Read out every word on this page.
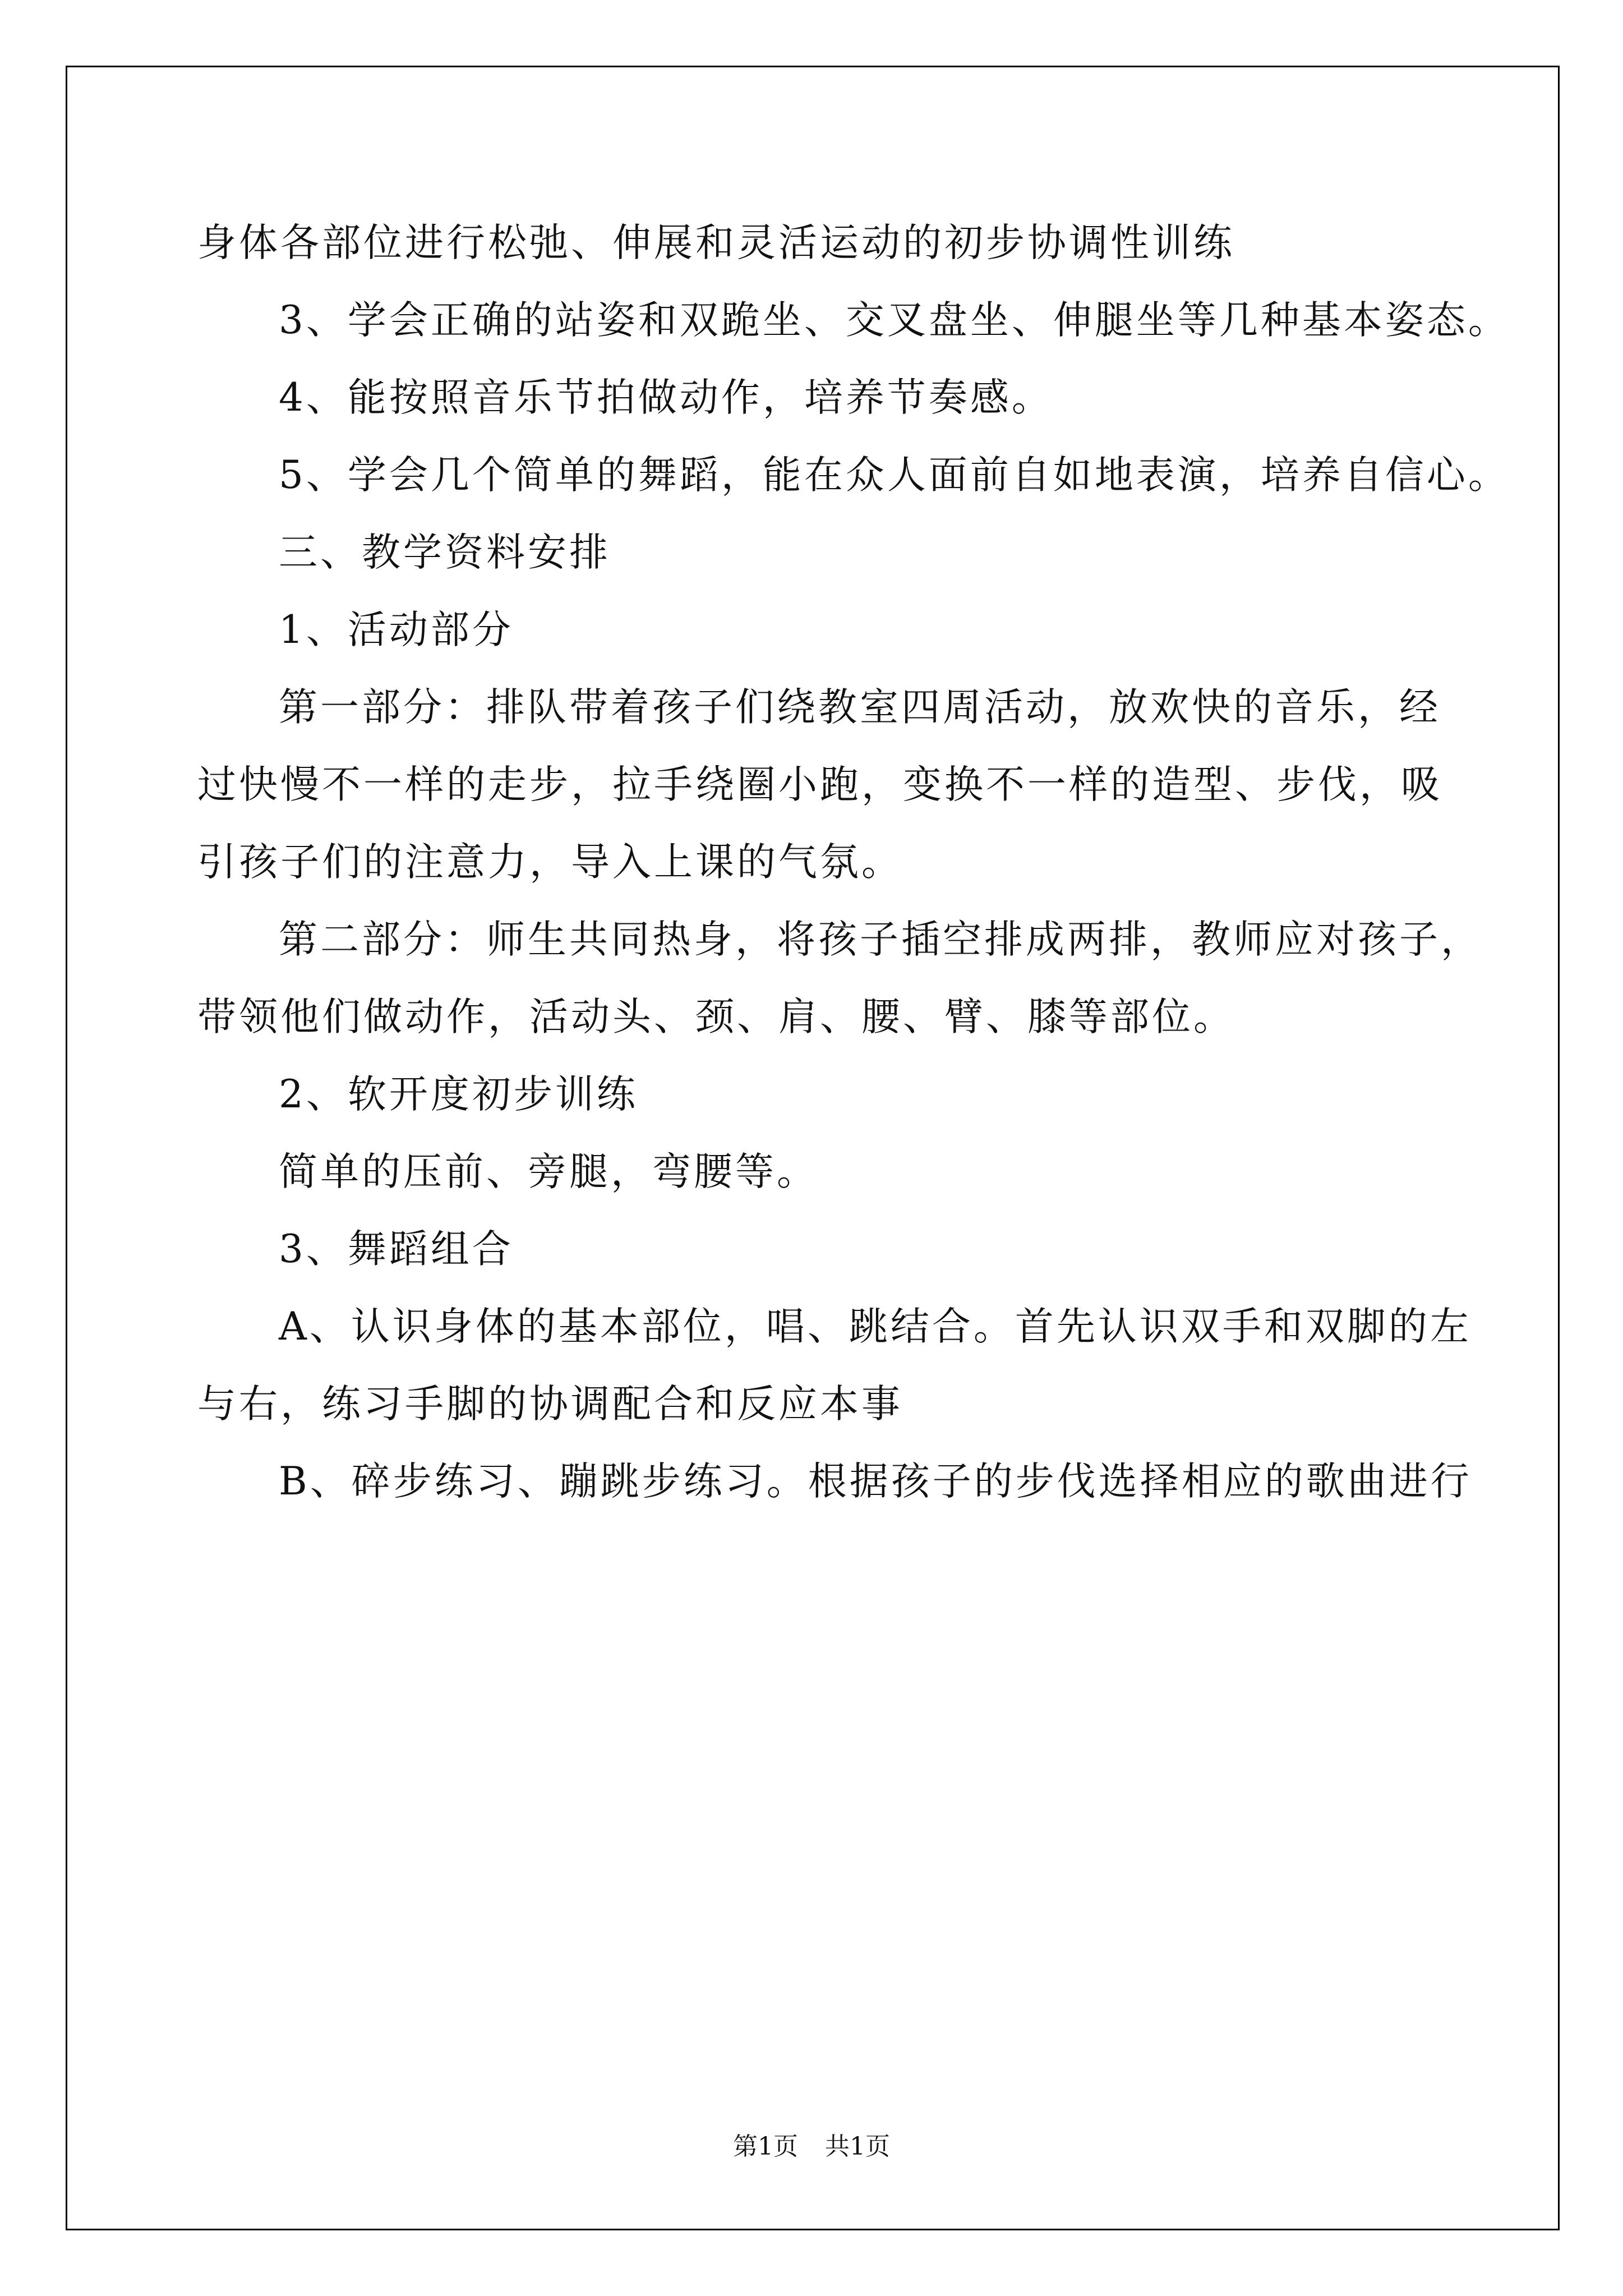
身体各部位进行松弛、伸展和灵活运动的初步协调性训练
3、学会正确的站姿和双跪坐、交叉盘坐、伸腿坐等几种基本姿态。
4、能按照音乐节拍做动作，培养节奏感。
5、学会几个简单的舞蹈，能在众人面前自如地表演，培养自信心。
三、教学资料安排
1、活动部分
第一部分：排队带着孩子们绕教室四周活动，放欢快的音乐，经
过快慢不一样的走步，拉手绕圈小跑，变换不一样的造型、步伐，吸
引孩子们的注意力，导入上课的气氛。
第二部分：师生共同热身，将孩子插空排成两排，教师应对孩子，
带领他们做动作，活动头、颈、肩、腰、臂、膝等部位。
2、软开度初步训练
简单的压前、旁腿，弯腰等。
3、舞蹈组合
A、认识身体的基本部位，唱、跳结合。首先认识双手和双脚的左
与右，练习手脚的协调配合和反应本事
B、碎步练习、蹦跳步练习。根据孩子的步伐选择相应的歌曲进行
第1页 共1页
